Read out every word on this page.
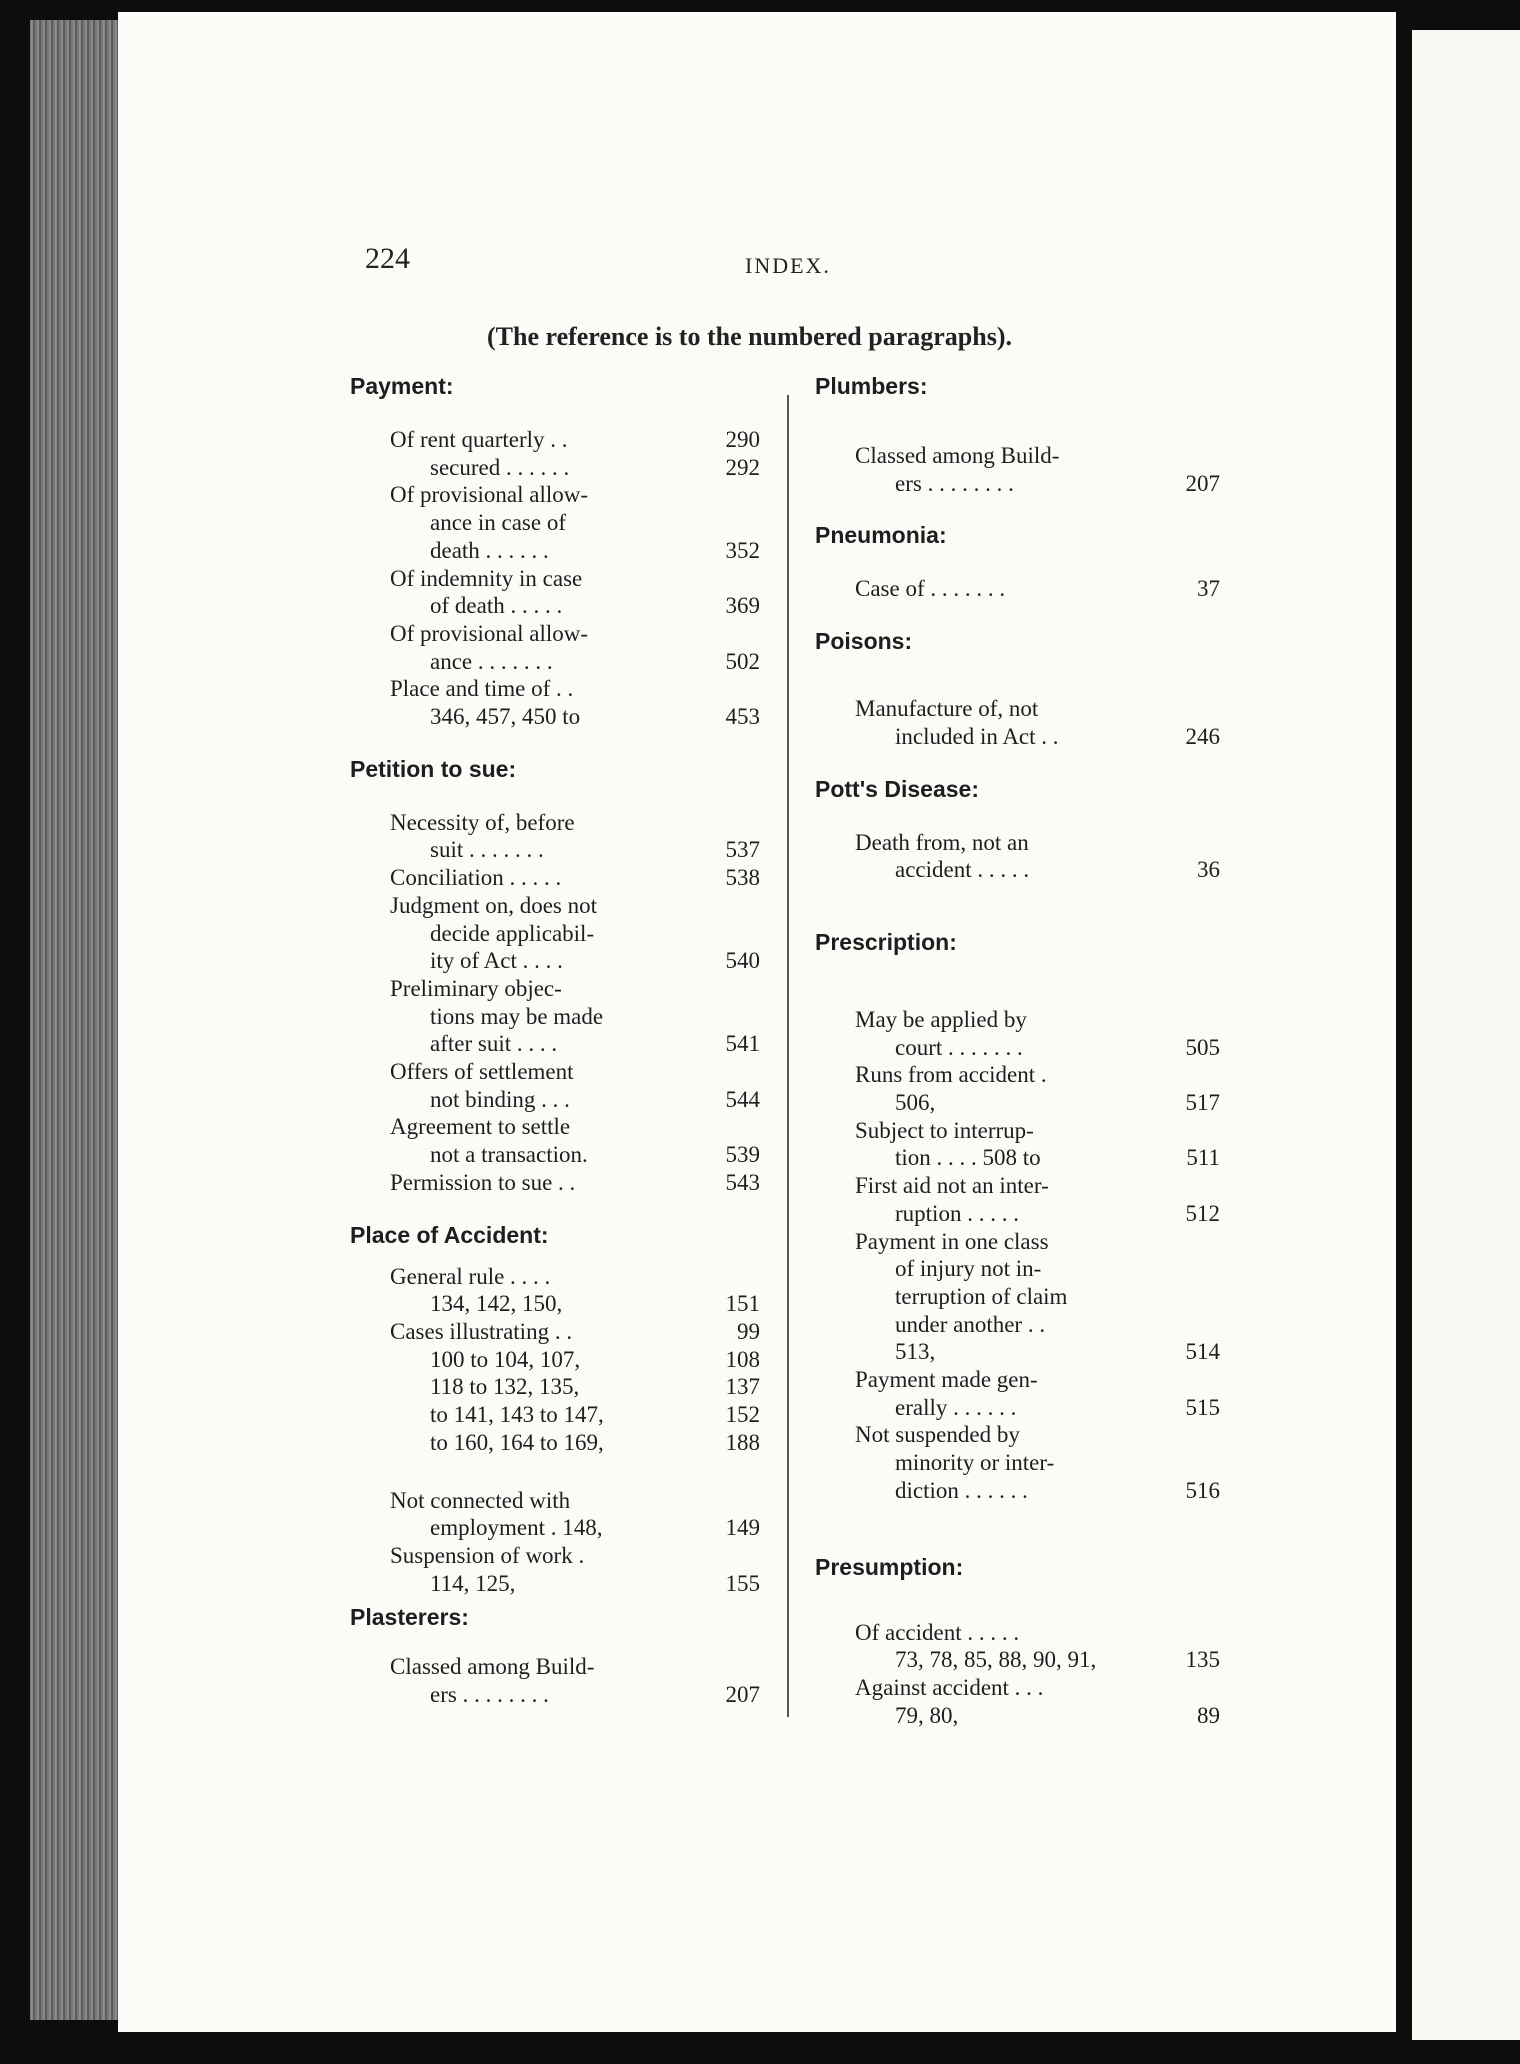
224	INDEX.
(The reference is to the numbered paragraphs).
Payment:
Of rent quarterly . .	290
secured . . . . . .	292
Of provisional allow-
ance in case of
death . . . . . .	352
Of indemnity in case
of death . . . . .	369
Of provisional allow-
ance . . . . . . .	502
Place and time of . .
346, 457, 450 to	453
Petition to sue:
Necessity of, before
suit . . . . . . .	537
Conciliation . . . . .	538
Judgment on, does not
decide applicabil-
ity of Act . . . .	540
Preliminary objec-
tions may be made
after suit . . . .	541
Offers of settlement
not binding . . .	544
Agreement to settle
not a transaction.	539
Permission to sue . .	543
Place of Accident:
General rule . . . .
134, 142, 150,	151
Cases illustrating . .	99
100 to 104, 107,	108
118 to 132, 135,	137
to 141, 143 to 147,	152
to 160, 164 to 169,	188
Not connected with
employment . 148,	149
Suspension of work .
114, 125,	155
Plasterers:
Classed among Build-
ers . . . . . . . .	207
Plumbers:
Classed among Build-
ers . . . . . . . .	207
Pneumonia:
Case of . . . . . . .	37
Poisons:
Manufacture of, not
included in Act . .	246
Pott's Disease:
Death from, not an
accident . . . . .	36
Prescription:
May be applied by
court . . . . . . .	505
Runs from accident .
506,	517
Subject to interrup-
tion . . . . 508 to	511
First aid not an inter-
ruption . . . . .	512
Payment in one class
of injury not in-
terruption of claim
under another . .
513,	514
Payment made gen-
erally . . . . . .	515
Not suspended by
minority or inter-
diction . . . . . .	516
Presumption:
Of accident . . . . .
73, 78, 85, 88, 90, 91,	135
Against accident . . .
79, 80,	89
